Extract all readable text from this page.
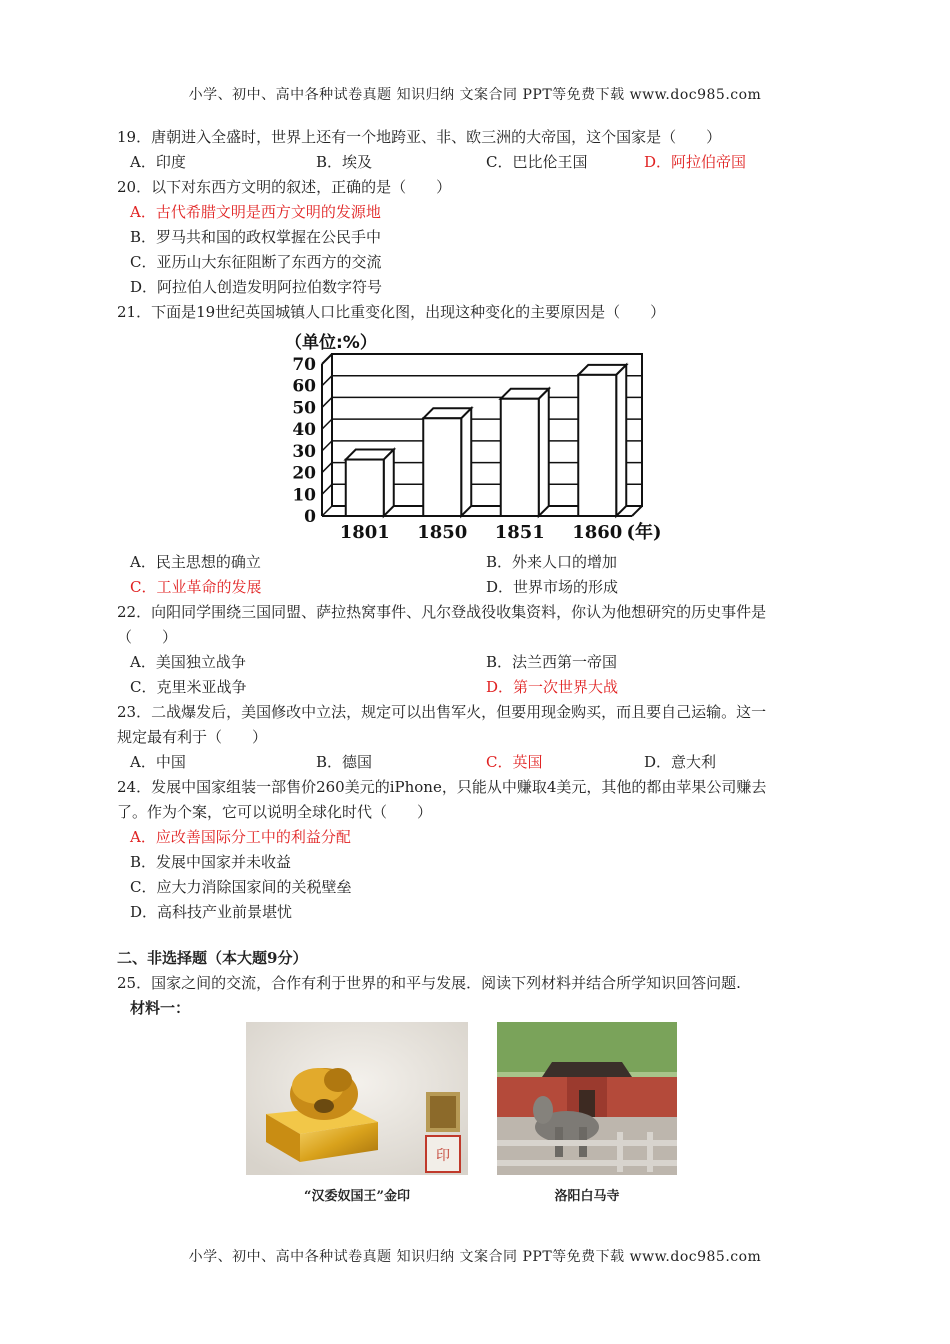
小学、初中、高中各种试卷真题 知识归纳 文案合同 PPT等免费下载 www.doc985.com
19．唐朝进入全盛时，世界上还有一个地跨亚、非、欧三洲的大帝国，这个国家是（　　）
A．印度	B．埃及	C．巴比伦王国	D．阿拉伯帝国
20．以下对东西方文明的叙述，正确的是（　　）
A．古代希腊文明是西方文明的发源地
B．罗马共和国的政权掌握在公民手中
C．亚历山大东征阻断了东西方的交流
D．阿拉伯人创造发明阿拉伯数字符号
21．下面是19世纪英国城镇人口比重变化图，出现这种变化的主要原因是（　　）
（单位:%）
0
10
20
30
40
50
60
70
1801 1850 1851 1860 (年)
A．民主思想的确立	B．外来人口的增加
C．工业革命的发展	D．世界市场的形成
22．向阳同学围绕三国同盟、萨拉热窝事件、凡尔登战役收集资料，你认为他想研究的历史事件是
（　　）
A．美国独立战争	B．法兰西第一帝国
C．克里米亚战争	D．第一次世界大战
23．二战爆发后，美国修改中立法，规定可以出售军火，但要用现金购买，而且要自己运输。这一
规定最有利于（　　）
A．中国	B．德国	C．英国	D．意大利
24．发展中国家组装一部售价260美元的iPhone，只能从中赚取4美元，其他的都由苹果公司赚去
了。作为个案，它可以说明全球化时代（　　）
A．应改善国际分工中的利益分配
B．发展中国家并未收益
C．应大力消除国家间的关税壁垒
D．高科技产业前景堪忧
二、非选择题（本大题9分）
25．国家之间的交流，合作有利于世界的和平与发展．阅读下列材料并结合所学知识回答问题.
材料一：
印
“汉委奴国王”金印	洛阳白马寺
小学、初中、高中各种试卷真题 知识归纳 文案合同 PPT等免费下载 www.doc985.com
